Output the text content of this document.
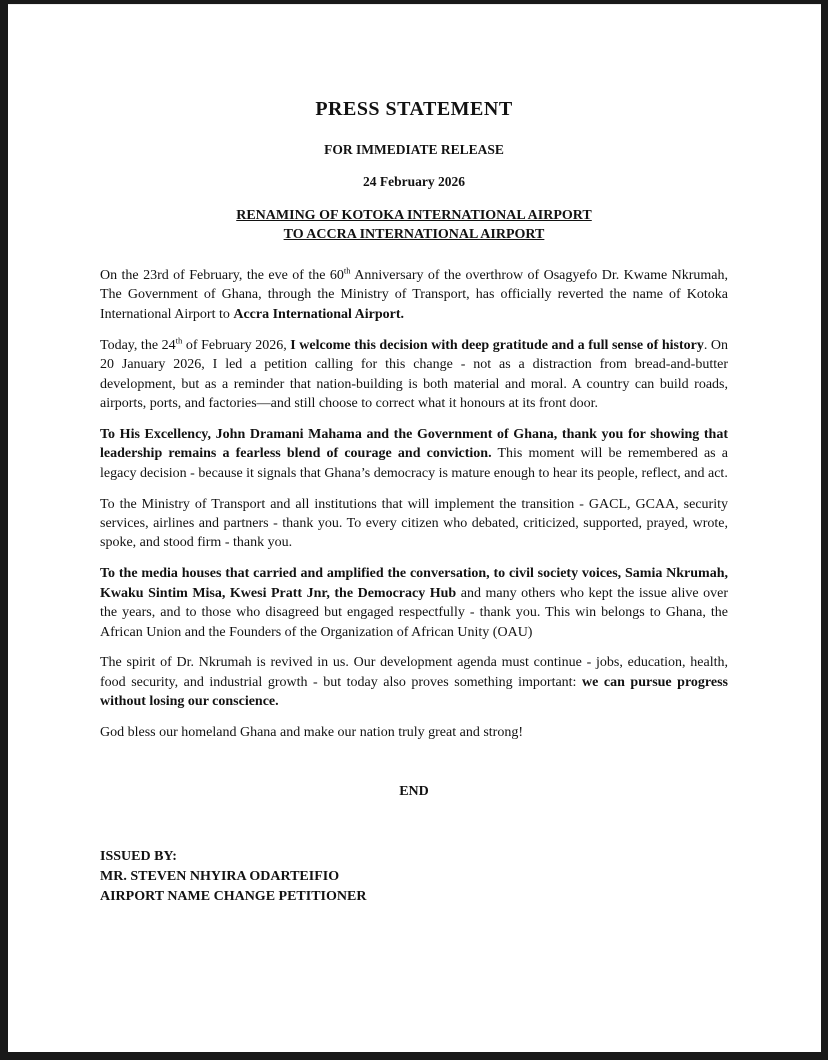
PRESS STATEMENT

FOR IMMEDIATE RELEASE

24 February 2026

RENAMING OF KOTOKA INTERNATIONAL AIRPORT
TO ACCRA INTERNATIONAL AIRPORT

On the 23rd of February, the eve of the 60th Anniversary of the overthrow of Osagyefo Dr. Kwame Nkrumah, The Government of Ghana, through the Ministry of Transport, has officially reverted the name of Kotoka International Airport to Accra International Airport.

Today, the 24th of February 2026, I welcome this decision with deep gratitude and a full sense of history. On 20 January 2026, I led a petition calling for this change - not as a distraction from bread-and-butter development, but as a reminder that nation-building is both material and moral. A country can build roads, airports, ports, and factories—and still choose to correct what it honours at its front door.

To His Excellency, John Dramani Mahama and the Government of Ghana, thank you for showing that leadership remains a fearless blend of courage and conviction. This moment will be remembered as a legacy decision - because it signals that Ghana’s democracy is mature enough to hear its people, reflect, and act.

To the Ministry of Transport and all institutions that will implement the transition - GACL, GCAA, security services, airlines and partners - thank you. To every citizen who debated, criticized, supported, prayed, wrote, spoke, and stood firm - thank you.

To the media houses that carried and amplified the conversation, to civil society voices, Samia Nkrumah, Kwaku Sintim Misa, Kwesi Pratt Jnr, the Democracy Hub and many others who kept the issue alive over the years, and to those who disagreed but engaged respectfully - thank you. This win belongs to Ghana, the African Union and the Founders of the Organization of African Unity (OAU)

The spirit of Dr. Nkrumah is revived in us. Our development agenda must continue - jobs, education, health, food security, and industrial growth - but today also proves something important: we can pursue progress without losing our conscience.

God bless our homeland Ghana and make our nation truly great and strong!

END

ISSUED BY:
MR. STEVEN NHYIRA ODARTEIFIO
AIRPORT NAME CHANGE PETITIONER
